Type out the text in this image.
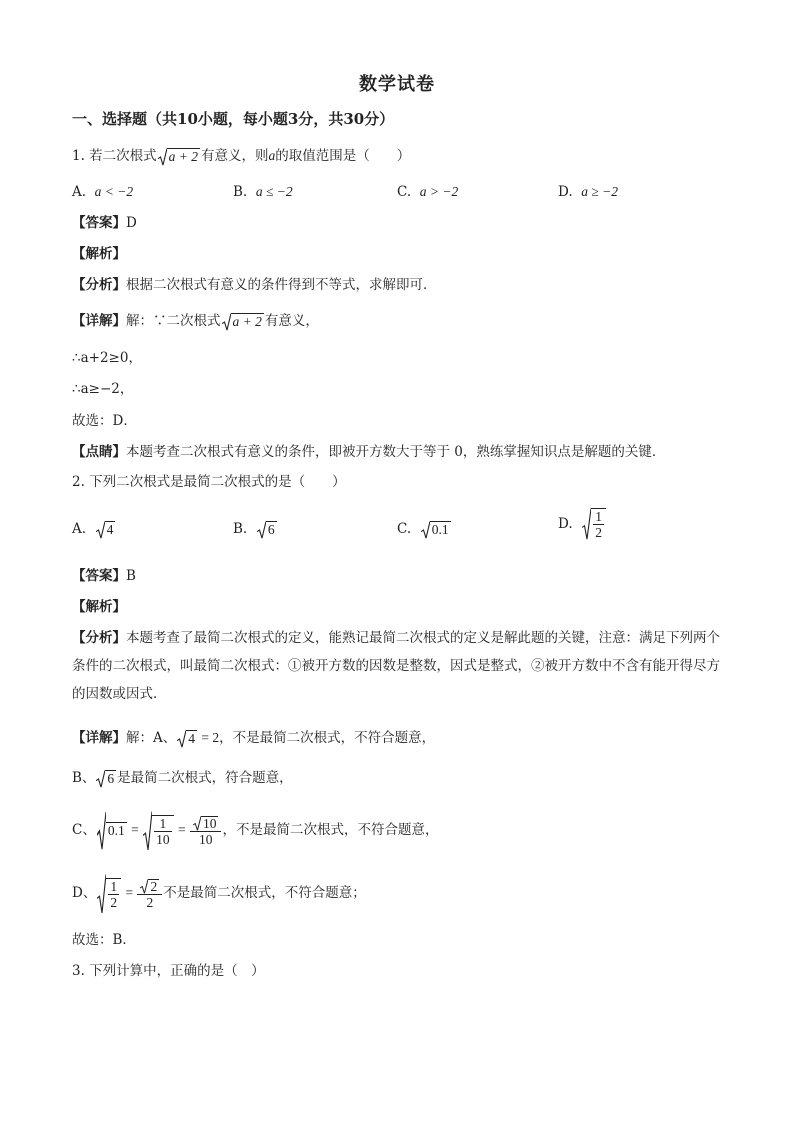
数学试卷
一、选择题（共10小题，每小题3分，共30分）
1. 若二次根式 a + 2 有意义，则a的取值范围是（　　）
A. a < −2	B. a ≤ −2	C. a > −2	D. a ≥ −2
【答案】D
【解析】
【分析】根据二次根式有意义的条件得到不等式，求解即可．
【详解】解：∵二次根式 a + 2 有意义，
∴a+2≥0，
∴a≥−2，
故选：D．
【点睛】本题考查二次根式有意义的条件，即被开方数大于等于 0，熟练掌握知识点是解题的关键．
2. 下列二次根式是最简二次根式的是（　　）
A. 4	B. 6	C. 0.1	D. $\frac{1}{2}$
【答案】B
【解析】
【分析】本题考查了最简二次根式的定义，能熟记最简二次根式的定义是解此题的关键，注意：满足下列两个条件的二次根式，叫最简二次根式：①被开方数的因数是整数，因式是整式，②被开方数中不含有能开得尽方的因数或因式．
【详解】解：A、 4 = 2，不是最简二次根式，不符合题意，
B、 6 是最简二次根式，符合题意，
C、 $0.1 = \frac{1}{10} = \frac{10}{10}$ ，不是最简二次根式，不符合题意，
D、 $\frac{1}{2} = \frac{2}{2}$ 不是最简二次根式，不符合题意；
故选：B．
3. 下列计算中，正确的是（　）
